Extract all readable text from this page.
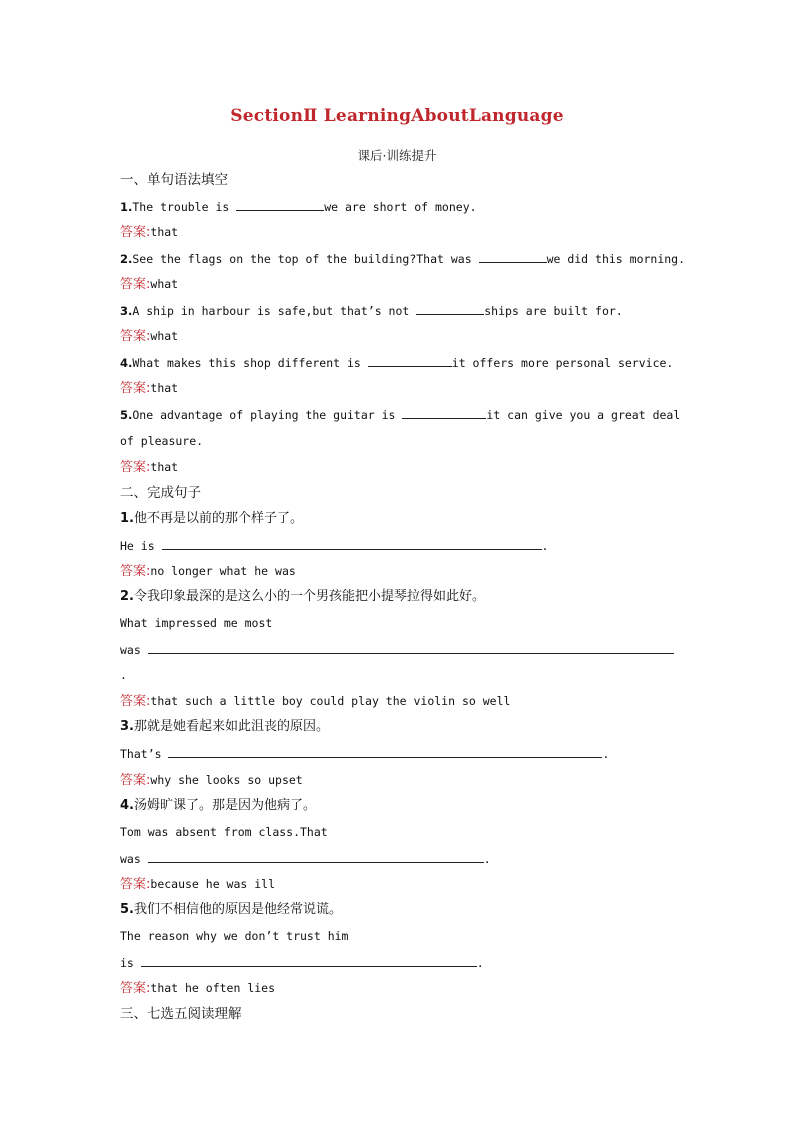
SectionⅡ LearningAboutLanguage
课后·训练提升
一、单句语法填空
1.The trouble is	we are short of money.
答案:that
2.See the flags on the top of the building?That was	we did this morning.
答案:what
3.A ship in harbour is safe,but that’s not	ships are built for.
答案:what
4.What makes this shop different is	it offers more personal service.
答案:that
5.One advantage of playing the guitar is	it can give you a great deal
of pleasure.
答案:that
二、完成句子
1.他不再是以前的那个样子了。
He is	.
答案:no longer what he was
2.令我印象最深的是这么小的一个男孩能把小提琴拉得如此好。
What impressed me most
was
.
答案:that such a little boy could play the violin so well
3.那就是她看起来如此沮丧的原因。
That’s	.
答案:why she looks so upset
4.汤姆旷课了。那是因为他病了。
Tom was absent from class.That
was	.
答案:because he was ill
5.我们不相信他的原因是他经常说谎。
The reason why we don’t trust him
is	.
答案:that he often lies
三、七选五阅读理解
